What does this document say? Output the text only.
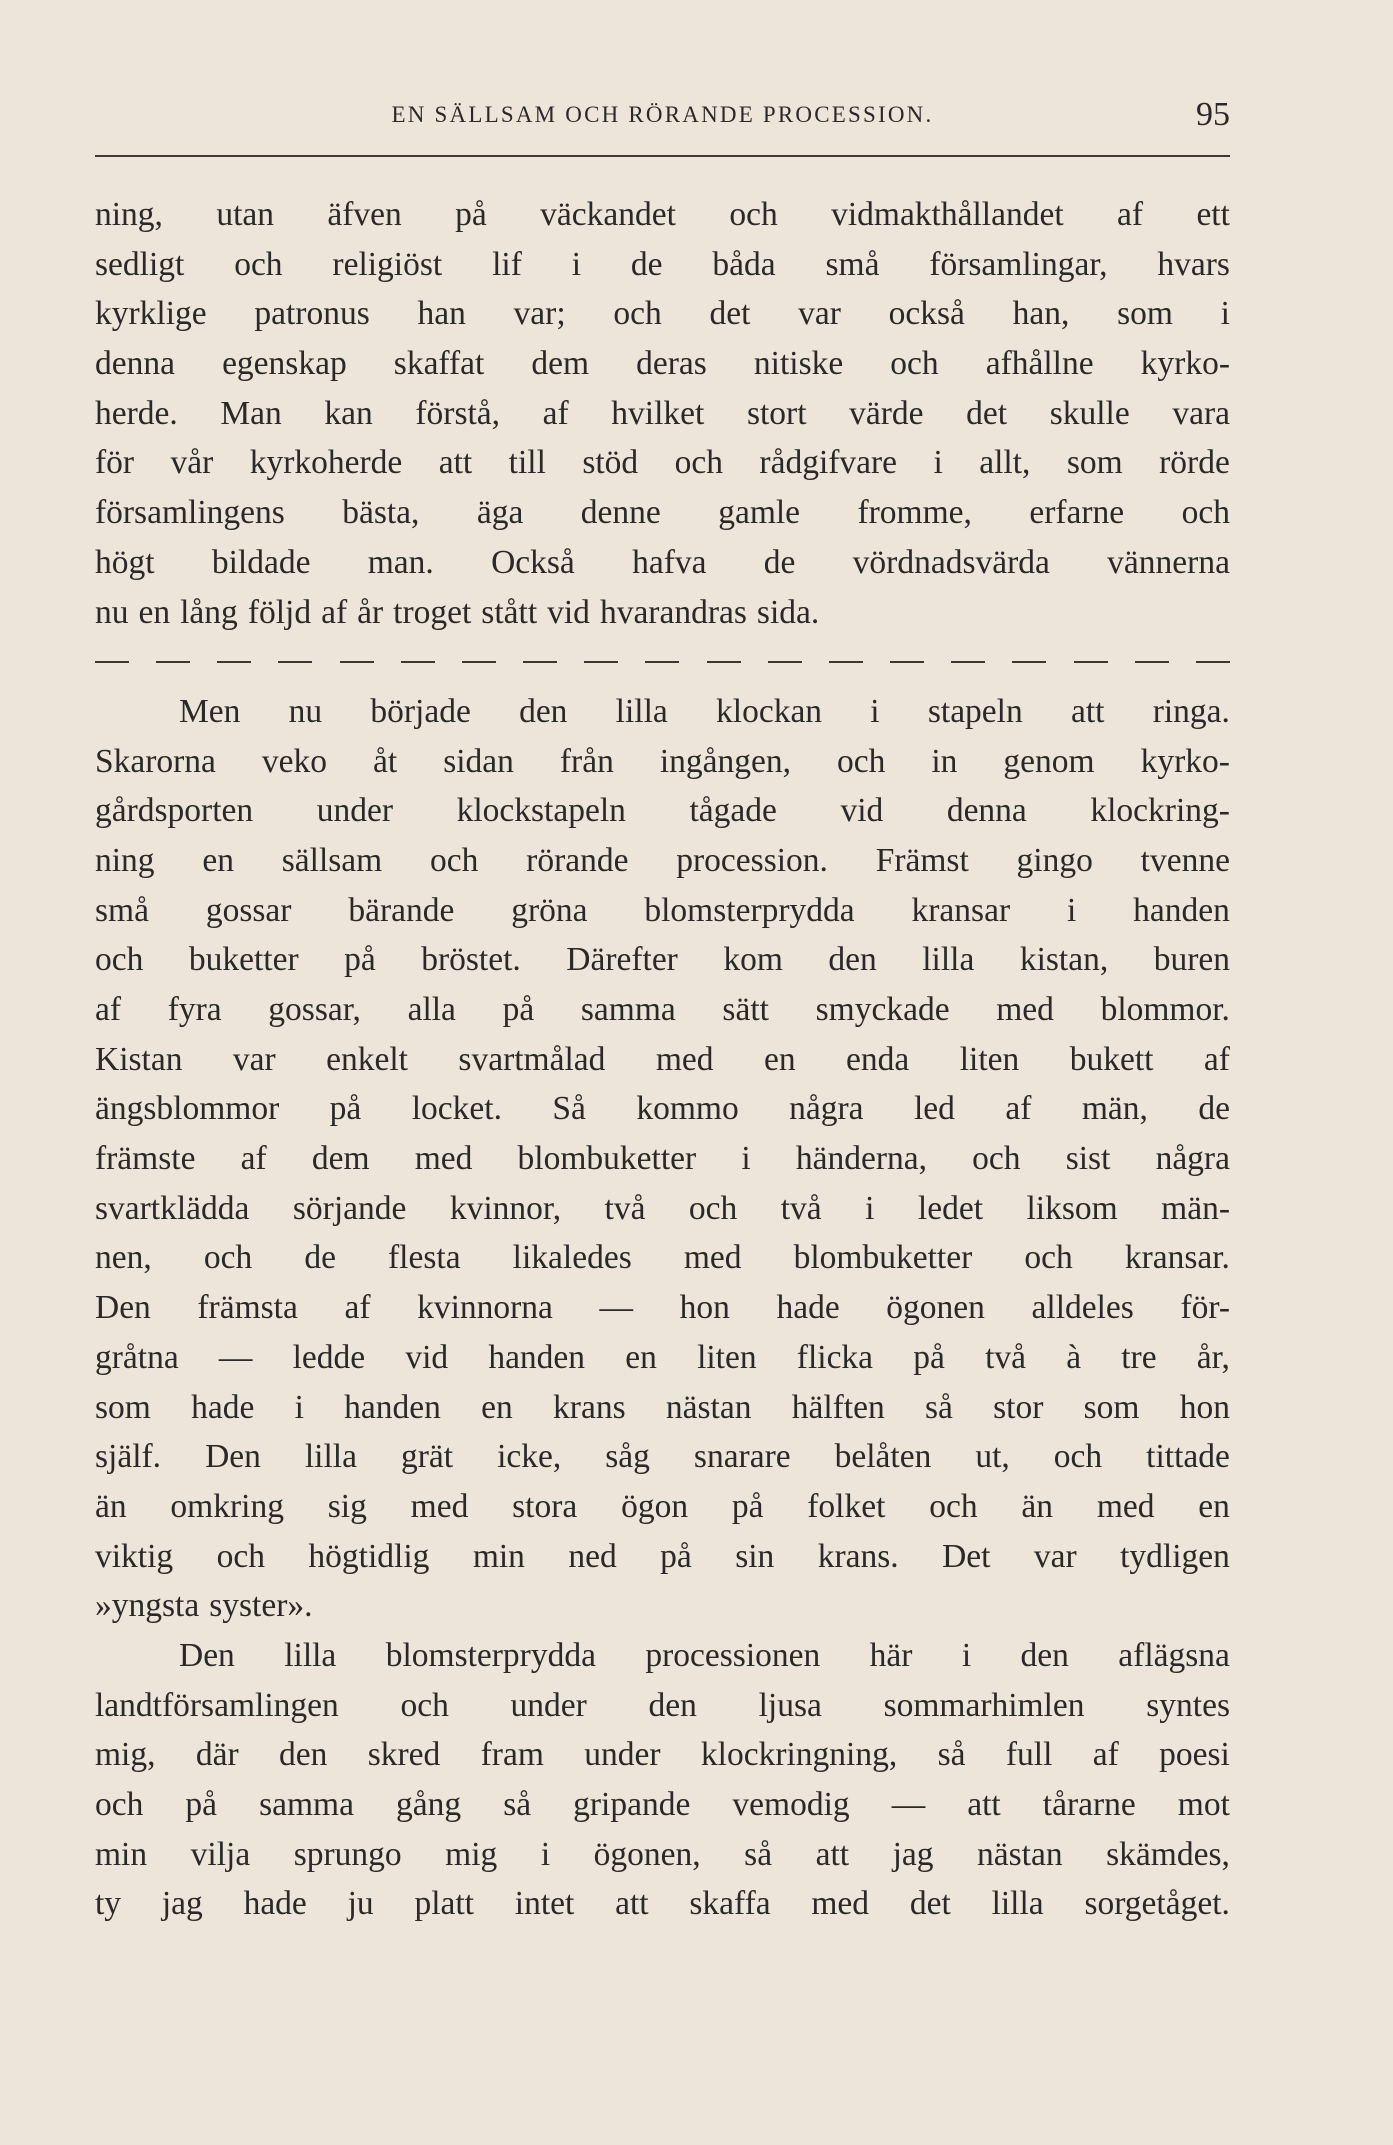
EN SÄLLSAM OCH RÖRANDE PROCESSION.	95
ning, utan äfven på väckandet och vidmakthållandet af ett
sedligt och religiöst lif i de båda små församlingar, hvars
kyrklige patronus han var; och det var också han, som i
denna egenskap skaffat dem deras nitiske och afhållne kyrko-
herde. Man kan förstå, af hvilket stort värde det skulle vara
för vår kyrkoherde att till stöd och rådgifvare i allt, som rörde
församlingens bästa, äga denne gamle fromme, erfarne och
högt bildade man. Också hafva de vördnadsvärda vännerna
nu en lång följd af år troget stått vid hvarandras sida.
Men nu började den lilla klockan i stapeln att ringa.
Skarorna veko åt sidan från ingången, och in genom kyrko-
gårdsporten under klockstapeln tågade vid denna klockring-
ning en sällsam och rörande procession. Främst gingo tvenne
små gossar bärande gröna blomsterprydda kransar i handen
och buketter på bröstet. Därefter kom den lilla kistan, buren
af fyra gossar, alla på samma sätt smyckade med blommor.
Kistan var enkelt svartmålad med en enda liten bukett af
ängsblommor på locket. Så kommo några led af män, de
främste af dem med blombuketter i händerna, och sist några
svartklädda sörjande kvinnor, två och två i ledet liksom män-
nen, och de flesta likaledes med blombuketter och kransar.
Den främsta af kvinnorna — hon hade ögonen alldeles för-
gråtna — ledde vid handen en liten flicka på två à tre år,
som hade i handen en krans nästan hälften så stor som hon
själf. Den lilla grät icke, såg snarare belåten ut, och tittade
än omkring sig med stora ögon på folket och än med en
viktig och högtidlig min ned på sin krans. Det var tydligen
»yngsta syster».
Den lilla blomsterprydda processionen här i den aflägsna
landtförsamlingen och under den ljusa sommarhimlen syntes
mig, där den skred fram under klockringning, så full af poesi
och på samma gång så gripande vemodig — att tårarne mot
min vilja sprungo mig i ögonen, så att jag nästan skämdes,
ty jag hade ju platt intet att skaffa med det lilla sorgetåget.
